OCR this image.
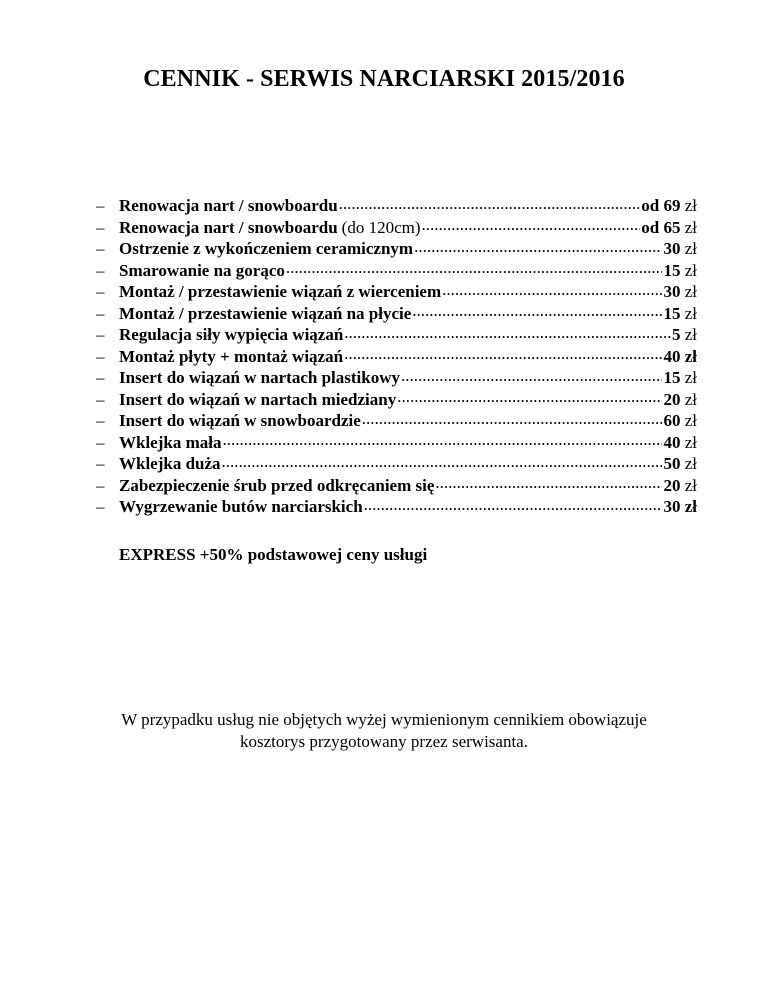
CENNIK - SERWIS NARCIARSKI 2015/2016
– Renowacja nart / snowboardu .....	od 69 zł
– Renowacja nart / snowboardu (do 120cm) .....	od 65 zł
– Ostrzenie z wykończeniem ceramicznym .....	30 zł
– Smarowanie na gorąco .....	15 zł
– Montaż / przestawienie wiązań z wierceniem .....	30 zł
– Montaż / przestawienie wiązań na płycie .....	15 zł
– Regulacja siły wypięcia wiązań .....	5 zł
– Montaż płyty + montaż wiązań .....	40 zł
– Insert do wiązań w nartach plastikowy .....	15 zł
– Insert do wiązań w nartach miedziany .....	20 zł
– Insert do wiązań w snowboardzie .....	60 zł
– Wklejka mała .....	40 zł
– Wklejka duża .....	50 zł
– Zabezpieczenie śrub przed odkręcaniem się .....	20 zł
– Wygrzewanie butów narciarskich .....	30 zł

EXPRESS +50% podstawowej ceny usługi

W przypadku usług nie objętych wyżej wymienionym cennikiem obowiązuje
kosztorys przygotowany przez serwisanta.
